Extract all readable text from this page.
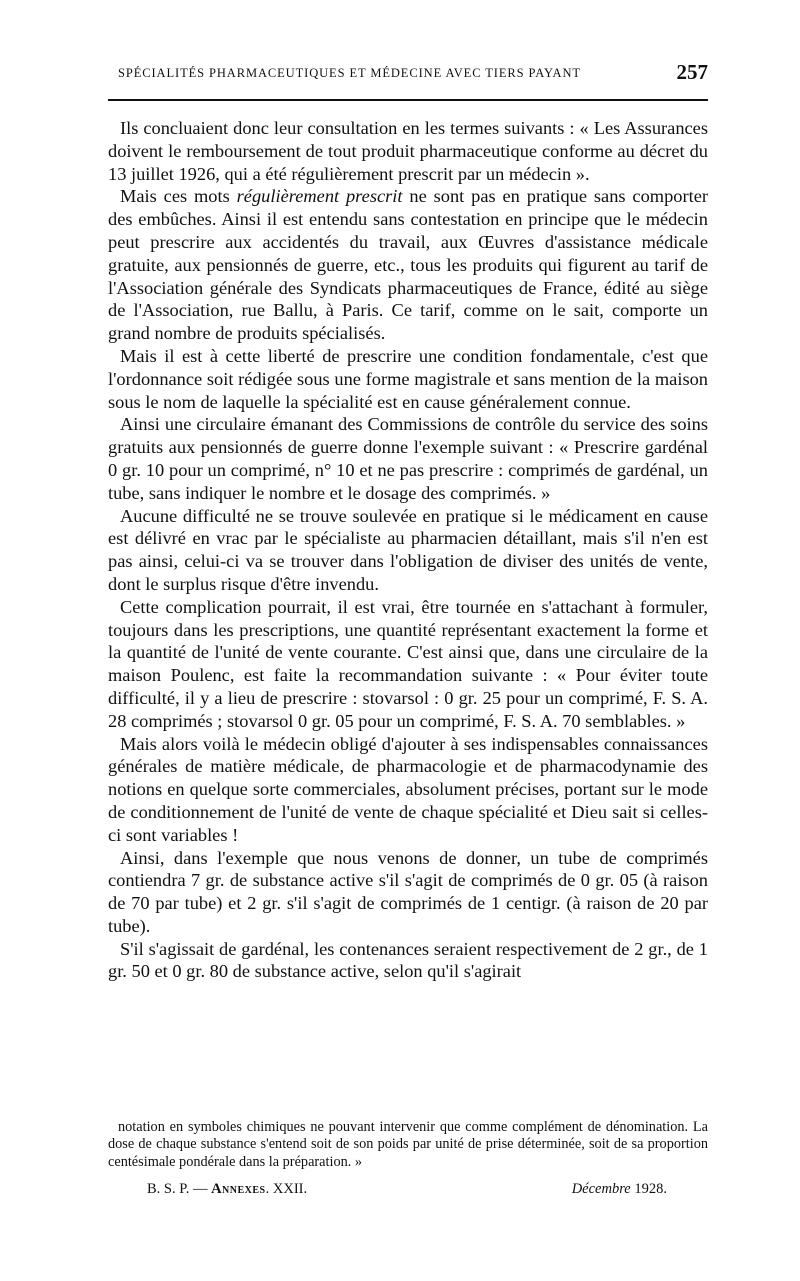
SPÉCIALITÉS PHARMACEUTIQUES ET MÉDECINE AVEC TIERS PAYANT	257

Ils concluaient donc leur consultation en les termes suivants : « Les Assurances doivent le remboursement de tout produit pharmaceutique conforme au décret du 13 juillet 1926, qui a été régulièrement prescrit par un médecin ».

Mais ces mots régulièrement prescrit ne sont pas en pratique sans comporter des embûches. Ainsi il est entendu sans contestation en principe que le médecin peut prescrire aux accidentés du travail, aux Œuvres d'assistance médicale gratuite, aux pensionnés de guerre, etc., tous les produits qui figurent au tarif de l'Association générale des Syndicats pharmaceutiques de France, édité au siège de l'Association, rue Ballu, à Paris. Ce tarif, comme on le sait, comporte un grand nombre de produits spécialisés.

Mais il est à cette liberté de prescrire une condition fondamentale, c'est que l'ordonnance soit rédigée sous une forme magistrale et sans mention de la maison sous le nom de laquelle la spécialité est en cause généralement connue.

Ainsi une circulaire émanant des Commissions de contrôle du service des soins gratuits aux pensionnés de guerre donne l'exemple suivant : « Prescrire gardénal 0 gr. 10 pour un comprimé, n° 10 et ne pas prescrire : comprimés de gardénal, un tube, sans indiquer le nombre et le dosage des comprimés. »

Aucune difficulté ne se trouve soulevée en pratique si le médicament en cause est délivré en vrac par le spécialiste au pharmacien détaillant, mais s'il n'en est pas ainsi, celui-ci va se trouver dans l'obligation de diviser des unités de vente, dont le surplus risque d'être invendu.

Cette complication pourrait, il est vrai, être tournée en s'attachant à formuler, toujours dans les prescriptions, une quantité représentant exactement la forme et la quantité de l'unité de vente courante. C'est ainsi que, dans une circulaire de la maison Poulenc, est faite la recommandation suivante : « Pour éviter toute difficulté, il y a lieu de prescrire : stovarsol : 0 gr. 25 pour un comprimé, F. S. A. 28 comprimés ; stovarsol 0 gr. 05 pour un comprimé, F. S. A. 70 semblables. »

Mais alors voilà le médecin obligé d'ajouter à ses indispensables connaissances générales de matière médicale, de pharmacologie et de pharmacodynamie des notions en quelque sorte commerciales, absolument précises, portant sur le mode de conditionnement de l'unité de vente de chaque spécialité et Dieu sait si celles-ci sont variables !

Ainsi, dans l'exemple que nous venons de donner, un tube de comprimés contiendra 7 gr. de substance active s'il s'agit de comprimés de 0 gr. 05 (à raison de 70 par tube) et 2 gr. s'il s'agit de comprimés de 1 centigr. (à raison de 20 par tube).

S'il s'agissait de gardénal, les contenances seraient respectivement de 2 gr., de 1 gr. 50 et 0 gr. 80 de substance active, selon qu'il s'agirait

notation en symboles chimiques ne pouvant intervenir que comme complément de dénomination. La dose de chaque substance s'entend soit de son poids par unité de prise déterminée, soit de sa proportion centésimale pondérale dans la préparation. »

B. S. P. — Annexes. XXII.	Décembre 1928.
